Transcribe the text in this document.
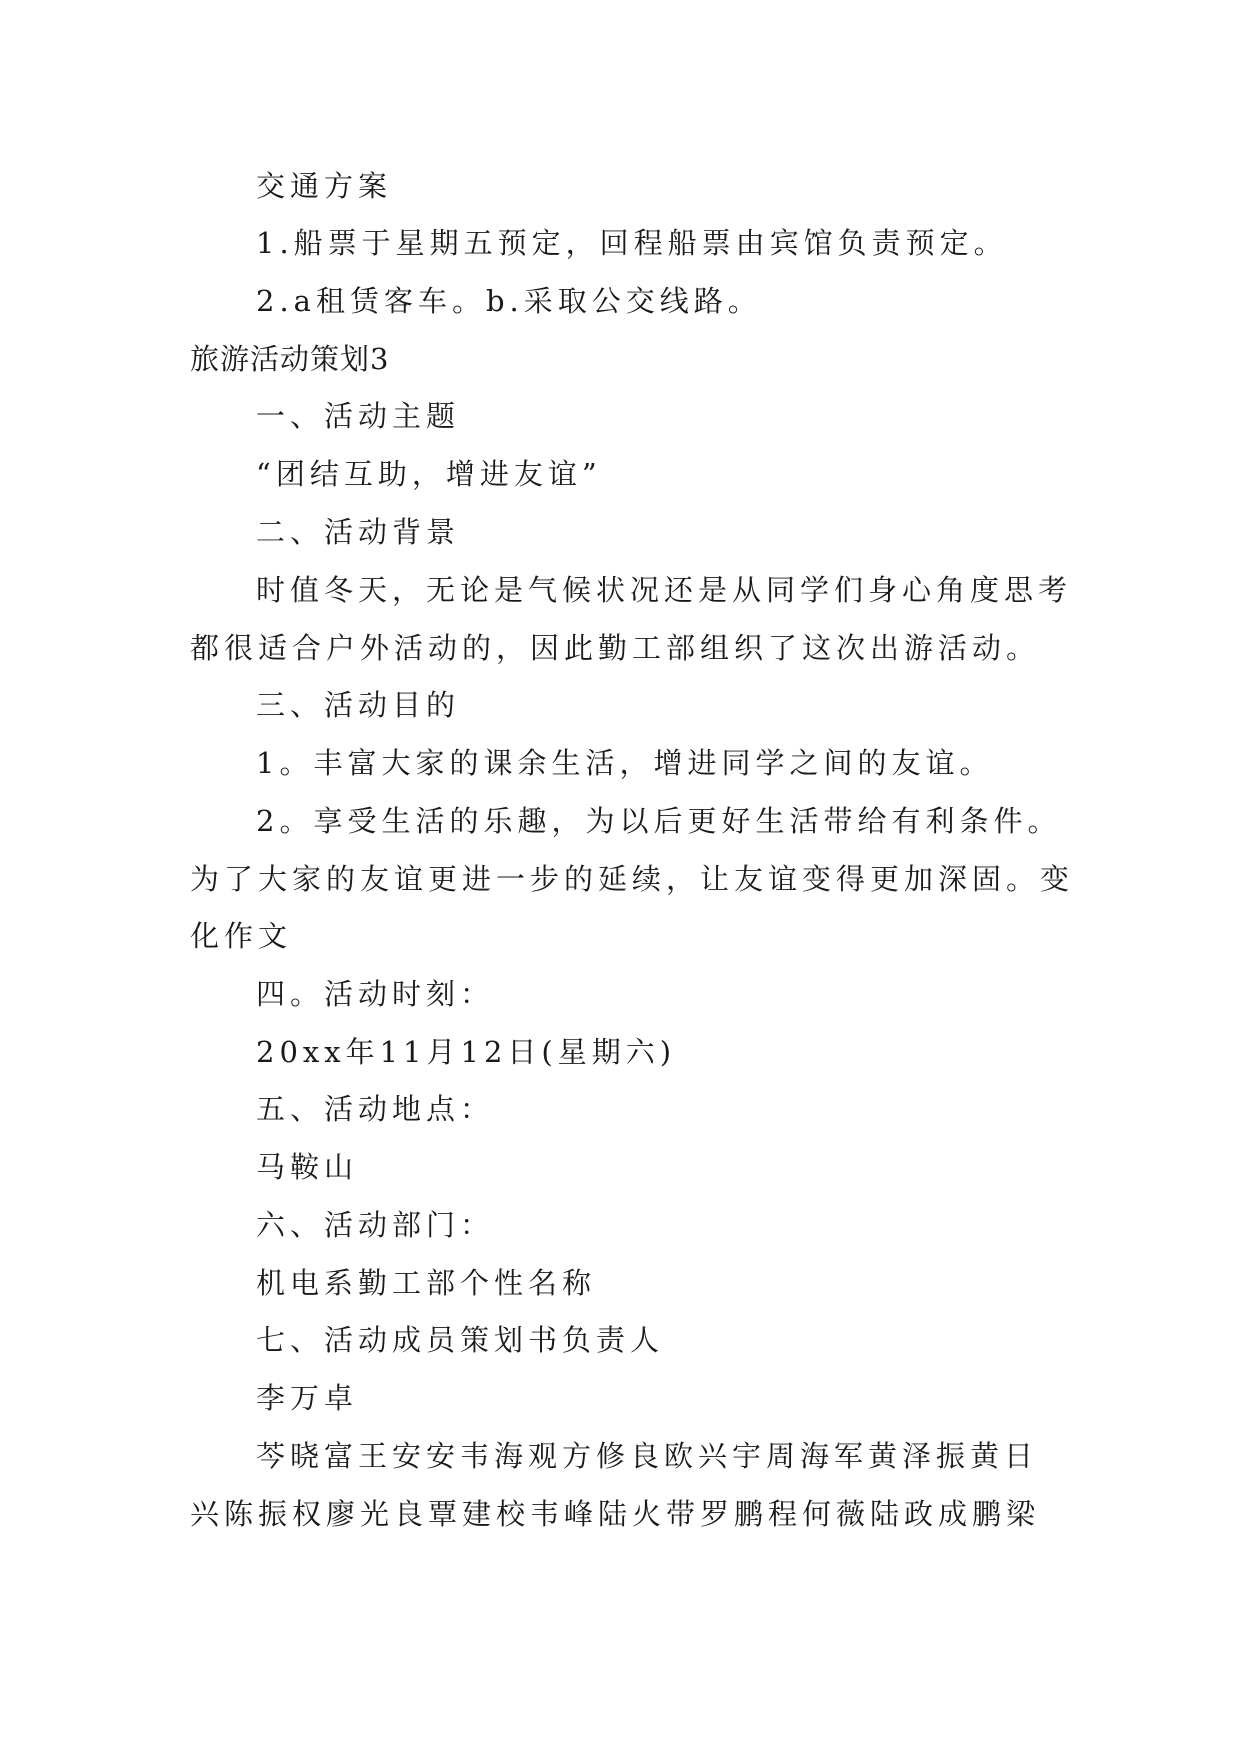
交通方案
1.船票于星期五预定，回程船票由宾馆负责预定。
2.a租赁客车。b.采取公交线路。
旅游活动策划3
一、活动主题
“团结互助，增进友谊”
二、活动背景
时值冬天，无论是气候状况还是从同学们身心角度思考
都很适合户外活动的，因此勤工部组织了这次出游活动。
三、活动目的
1。丰富大家的课余生活，增进同学之间的友谊。
2。享受生活的乐趣，为以后更好生活带给有利条件。
为了大家的友谊更进一步的延续，让友谊变得更加深固。变
化作文
四。活动时刻：
20xx年11月12日(星期六)
五、活动地点：
马鞍山
六、活动部门：
机电系勤工部个性名称
七、活动成员策划书负责人
李万卓
芩晓富王安安韦海观方修良欧兴宇周海军黄泽振黄日
兴陈振权廖光良覃建校韦峰陆火带罗鹏程何薇陆政成鹏梁
